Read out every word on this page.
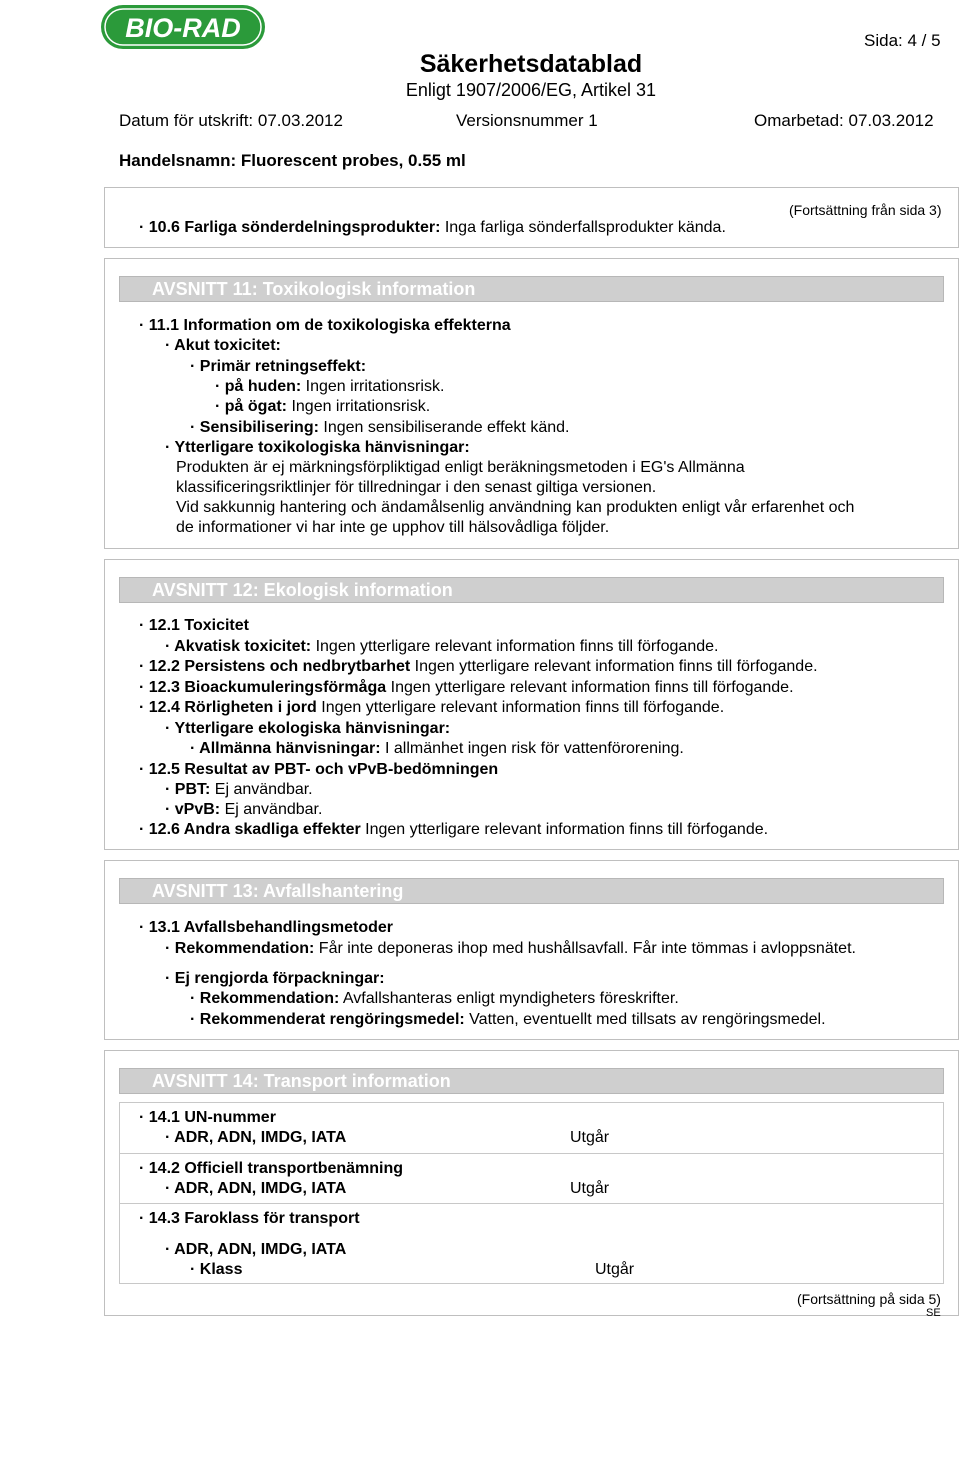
BIO-RAD	Sida: 4 / 5
Säkerhetsdatablad
Enligt 1907/2006/EG, Artikel 31
Datum för utskrift: 07.03.2012	Versionsnummer 1	Omarbetad: 07.03.2012
Handelsnamn: Fluorescent probes, 0.55 ml
(Fortsättning från sida 3)
· 10.6 Farliga sönderdelningsprodukter: Inga farliga sönderfallsprodukter kända.
AVSNITT 11: Toxikologisk information
· 11.1 Information om de toxikologiska effekterna
· Akut toxicitet:
· Primär retningseffekt:
· på huden: Ingen irritationsrisk.
· på ögat: Ingen irritationsrisk.
· Sensibilisering: Ingen sensibiliserande effekt känd.
· Ytterligare toxikologiska hänvisningar:
Produkten är ej märkningsförpliktigad enligt beräkningsmetoden i EG's Allmänna
klassificeringsriktlinjer för tillredningar i den senast giltiga versionen.
Vid sakkunnig hantering och ändamålsenlig användning kan produkten enligt vår erfarenhet och
de informationer vi har inte ge upphov till hälsovådliga följder.
AVSNITT 12: Ekologisk information
· 12.1 Toxicitet
· Akvatisk toxicitet: Ingen ytterligare relevant information finns till förfogande.
· 12.2 Persistens och nedbrytbarhet Ingen ytterligare relevant information finns till förfogande.
· 12.3 Bioackumuleringsförmåga Ingen ytterligare relevant information finns till förfogande.
· 12.4 Rörligheten i jord Ingen ytterligare relevant information finns till förfogande.
· Ytterligare ekologiska hänvisningar:
· Allmänna hänvisningar: I allmänhet ingen risk för vattenförorening.
· 12.5 Resultat av PBT- och vPvB-bedömningen
· PBT: Ej användbar.
· vPvB: Ej användbar.
· 12.6 Andra skadliga effekter Ingen ytterligare relevant information finns till förfogande.
AVSNITT 13: Avfallshantering
· 13.1 Avfallsbehandlingsmetoder
· Rekommendation: Får inte deponeras ihop med hushållsavfall. Får inte tömmas i avloppsnätet.
· Ej rengjorda förpackningar:
· Rekommendation: Avfallshanteras enligt myndigheters föreskrifter.
· Rekommenderat rengöringsmedel: Vatten, eventuellt med tillsats av rengöringsmedel.
AVSNITT 14: Transport information
· 14.1 UN-nummer
· ADR, ADN, IMDG, IATA	Utgår
· 14.2 Officiell transportbenämning
· ADR, ADN, IMDG, IATA	Utgår
· 14.3 Faroklass för transport
· ADR, ADN, IMDG, IATA
· Klass	Utgår
(Fortsättning på sida 5)
SE
